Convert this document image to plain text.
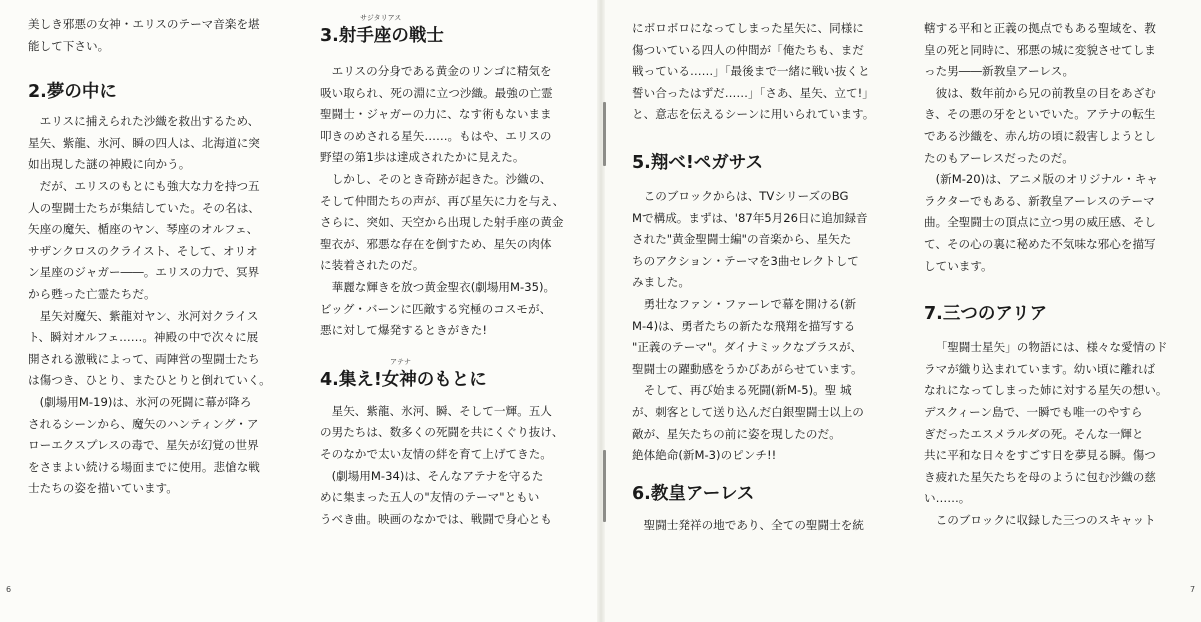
美しき邪悪の女神・エリスのテーマ音楽を堪
能して下さい。
2.夢の中に
エリスに捕えられた沙織を救出するため、
星矢、紫龍、氷河、瞬の四人は、北海道に突
如出現した謎の神殿に向かう。
だが、エリスのもとにも強大な力を持つ五
人の聖闘士たちが集結していた。その名は、
矢座の魔矢、楯座のヤン、琴座のオルフェ、
サザンクロスのクライスト、そして、オリオ
ン星座のジャガー――。エリスの力で、冥界
から甦った亡霊たちだ。
星矢対魔矢、紫龍対ヤン、氷河対クライス
ト、瞬対オルフェ……。神殿の中で次々に展
開される激戦によって、両陣営の聖闘士たち
は傷つき、ひとり、またひとりと倒れていく。
(劇場用M-19)は、氷河の死闘に幕が降ろ
されるシーンから、魔矢のハンティング・ア
ローエクスプレスの毒で、星矢が幻覚の世界
をさまよい続ける場面までに使用。悲愴な戦
士たちの姿を描いています。
サジタリアス
3.射手座の戦士
エリスの分身である黄金のリンゴに精気を
吸い取られ、死の淵に立つ沙織。最強の亡霊
聖闘士・ジャガーの力に、なす術もないまま
叩きのめされる星矢……。もはや、エリスの
野望の第1歩は達成されたかに見えた。
しかし、そのとき奇跡が起きた。沙織の、
そして仲間たちの声が、再び星矢に力を与え、
さらに、突如、天空から出現した射手座の黄金
聖衣が、邪悪な存在を倒すため、星矢の肉体
に装着されたのだ。
華麗な輝きを放つ黄金聖衣(劇場用M-35)。
ビッグ・バーンに匹敵する究極のコスモが、
悪に対して爆発するときがきた!
アテナ
4.集え!女神のもとに
星矢、紫龍、氷河、瞬、そして一輝。五人
の男たちは、数多くの死闘を共にくぐり抜け、
そのなかで太い友情の絆を育て上げてきた。
(劇場用M-34)は、そんなアテナを守るた
めに集まった五人の"友情のテーマ"ともい
うべき曲。映画のなかでは、戦闘で身心とも
にボロボロになってしまった星矢に、同様に
傷ついている四人の仲間が「俺たちも、まだ
戦っている……」「最後まで一緒に戦い抜くと
誓い合ったはずだ……」「さあ、星矢、立て!」
と、意志を伝えるシーンに用いられています。
5.翔べ!ペガサス
このブロックからは、TVシリーズのBG
Mで構成。まずは、'87年5月26日に追加録音
された"黄金聖闘士編"の音楽から、星矢た
ちのアクション・テーマを3曲セレクトして
みました。
勇壮なファン・ファーレで幕を開ける(新
M-4)は、勇者たちの新たな飛翔を描写する
"正義のテーマ"。ダイナミックなブラスが、
聖闘士の躍動感をうかびあがらせています。
そして、再び始まる死闘(新M-5)。聖 城
が、刺客として送り込んだ白銀聖闘士以上の
敵が、星矢たちの前に姿を現したのだ。
絶体絶命(新M-3)のピンチ!!
6.教皇アーレス
聖闘士発祥の地であり、全ての聖闘士を統
轄する平和と正義の拠点でもある聖域を、教
皇の死と同時に、邪悪の城に変貌させてしま
った男――新教皇アーレス。
彼は、数年前から兄の前教皇の目をあざむ
き、その悪の牙をといでいた。アテナの転生
である沙織を、赤ん坊の頃に殺害しようとし
たのもアーレスだったのだ。
(新M-20)は、アニメ版のオリジナル・キャ
ラクターでもある、新教皇アーレスのテーマ
曲。全聖闘士の頂点に立つ男の威圧感、そし
て、その心の裏に秘めた不気味な邪心を描写
しています。
7.三つのアリア
「聖闘士星矢」の物語には、様々な愛情のド
ラマが織り込まれています。幼い頃に離れば
なれになってしまった姉に対する星矢の想い。
デスクィーン島で、一瞬でも唯一のやすら
ぎだったエスメラルダの死。そんな一輝と
共に平和な日々をすごす日を夢見る瞬。傷つ
き疲れた星矢たちを母のように包む沙織の慈
い……。
このブロックに収録した三つのスキャット
6	7
